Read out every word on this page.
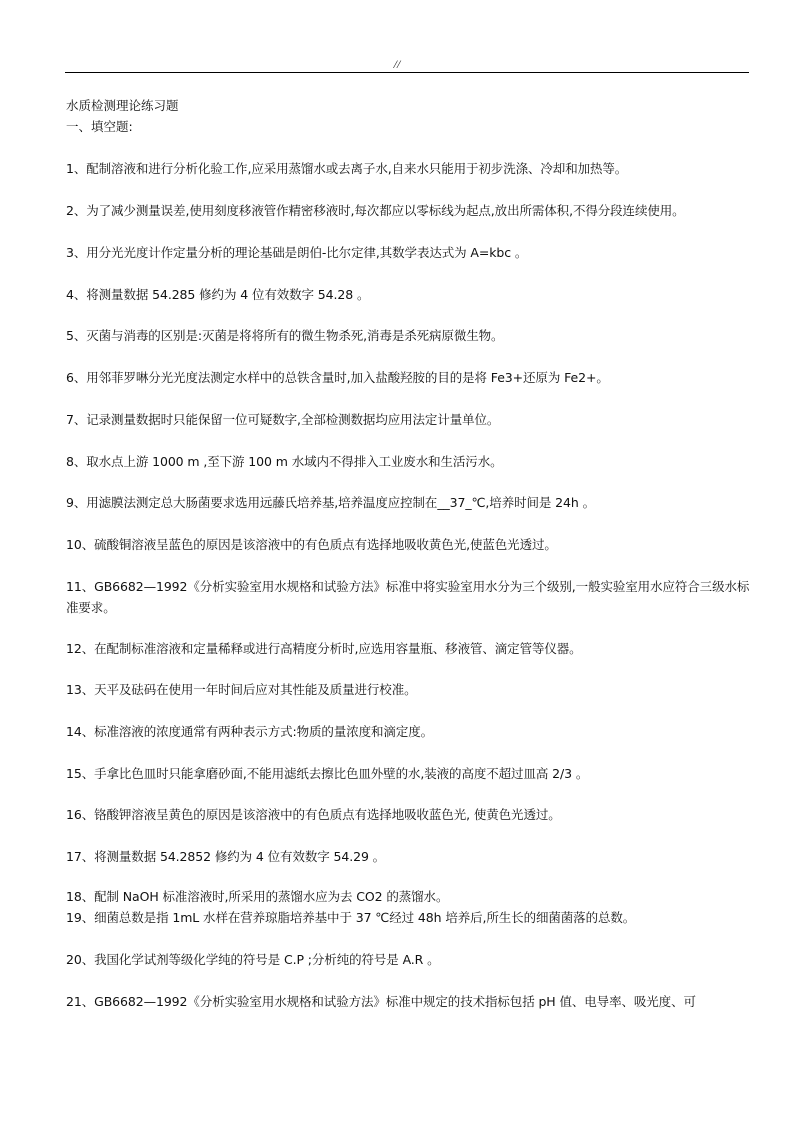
//
水质检测理论练习题
一、填空题:
1、配制溶液和进行分析化验工作,应采用蒸馏水或去离子水,自来水只能用于初步洗涤、冷却和加热等。
2、为了减少测量误差,使用刻度移液管作精密移液时,每次都应以零标线为起点,放出所需体积,不得分段连续使用。
3、用分光光度计作定量分析的理论基础是朗伯-比尔定律,其数学表达式为 A=kbc 。
4、将测量数据 54.285 修约为 4 位有效数字 54.28 。
5、灭菌与消毒的区别是:灭菌是将将所有的微生物杀死,消毒是杀死病原微生物。
6、用邻菲罗啉分光光度法测定水样中的总铁含量时,加入盐酸羟胺的目的是将 Fe3+还原为 Fe2+。
7、记录测量数据时只能保留一位可疑数字,全部检测数据均应用法定计量单位。
8、取水点上游 1000 m ,至下游 100 m 水域内不得排入工业废水和生活污水。
9、用滤膜法测定总大肠菌要求选用远藤氏培养基,培养温度应控制在__37_℃,培养时间是 24h 。
10、硫酸铜溶液呈蓝色的原因是该溶液中的有色质点有选择地吸收黄色光,使蓝色光透过。
11、GB6682—1992《分析实验室用水规格和试验方法》标准中将实验室用水分为三个级别,一般实验室用水应符合三级水标准要求。
12、在配制标准溶液和定量稀释或进行高精度分析时,应选用容量瓶、移液管、滴定管等仪器。
13、天平及砝码在使用一年时间后应对其性能及质量进行校准。
14、标准溶液的浓度通常有两种表示方式:物质的量浓度和滴定度。
15、手拿比色皿时只能拿磨砂面,不能用滤纸去擦比色皿外壁的水,装液的高度不超过皿高 2/3 。
16、铬酸钾溶液呈黄色的原因是该溶液中的有色质点有选择地吸收蓝色光, 使黄色光透过。
17、将测量数据 54.2852 修约为 4 位有效数字 54.29 。
18、配制 NaOH 标准溶液时,所采用的蒸馏水应为去 CO2 的蒸馏水。
19、细菌总数是指 1mL 水样在营养琼脂培养基中于 37 ℃经过 48h 培养后,所生长的细菌菌落的总数。
20、我国化学试剂等级化学纯的符号是 C.P ;分析纯的符号是 A.R 。
21、GB6682—1992《分析实验室用水规格和试验方法》标准中规定的技术指标包括 pH 值、电导率、吸光度、可
